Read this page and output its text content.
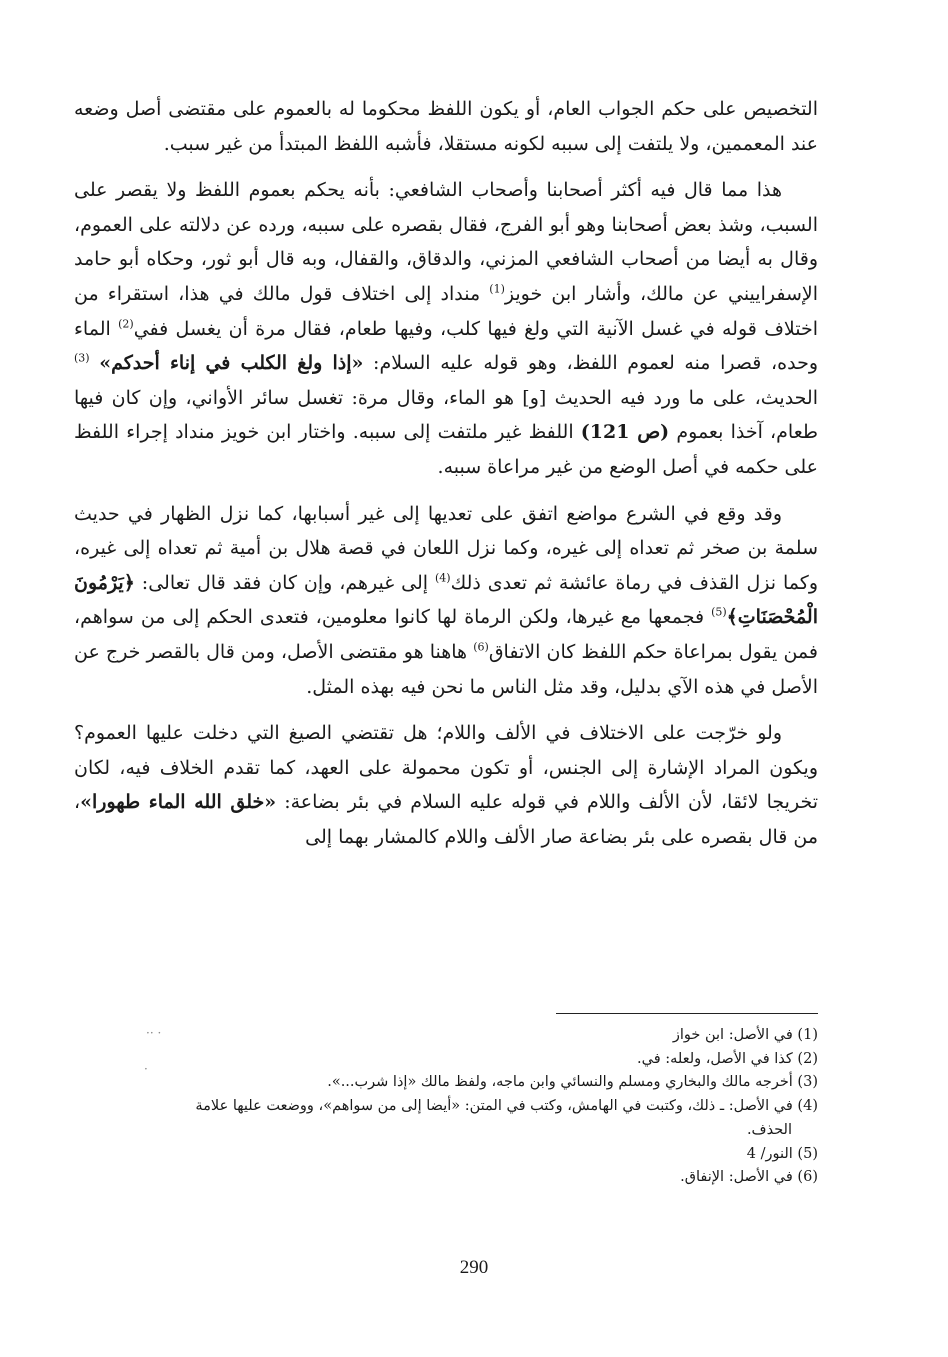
التخصيص على حكم الجواب العام، أو يكون اللفظ محكوما له بالعموم على مقتضى أصل وضعه عند المعممين، ولا يلتفت إلى سببه لكونه مستقلا، فأشبه اللفظ المبتدأ من غير سبب.

هذا مما قال فيه أكثر أصحابنا وأصحاب الشافعي: بأنه يحكم بعموم اللفظ ولا يقصر على السبب، وشذ بعض أصحابنا وهو أبو الفرج، فقال بقصره على سببه، ورده عن دلالته على العموم، وقال به أيضا من أصحاب الشافعي المزني، والدقاق، والقفال، وبه قال أبو ثور، وحكاه أبو حامد الإسفراييني عن مالك، وأشار ابن خويز$^{(1)}$ منداد إلى اختلاف قول مالك في هذا، استقراء من اختلاف قوله في غسل الآنية التي ولغ فيها كلب، وفيها طعام، فقال مرة أن يغسل ففي$^{(2)}$ الماء وحده، قصرا منه لعموم اللفظ، وهو قوله عليه السلام: «إذا ولغ الكلب في إناء أحدكم» $^{(3)}$ الحديث، على ما ورد فيه الحديث [و] هو الماء، وقال مرة: تغسل سائر الأواني، وإن كان فيها طعام، آخذا بعموم (ص 121) اللفظ غير ملتفت إلى سببه. واختار ابن خويز منداد إجراء اللفظ على حكمه في أصل الوضع من غير مراعاة سببه.

وقد وقع في الشرع مواضع اتفق على تعديها إلى غير أسبابها، كما نزل الظهار في حديث سلمة بن صخر ثم تعداه إلى غيره، وكما نزل اللعان في قصة هلال بن أمية ثم تعداه إلى غيره، وكما نزل القذف في رماة عائشة ثم تعدى ذلك$^{(4)}$ إلى غيرهم، وإن كان فقد قال تعالى: ﴿يَرْمُونَ الْمُحْصَنَاتِ﴾$^{(5)}$ فجمعها مع غيرها، ولكن الرماة لها كانوا معلومين، فتعدى الحكم إلى من سواهم، فمن يقول بمراعاة حكم اللفظ كان الاتفاق$^{(6)}$ هاهنا هو مقتضى الأصل، ومن قال بالقصر خرج عن الأصل في هذه الآي بدليل، وقد مثل الناس ما نحن فيه بهذه المثل.

ولو خرّجت على الاختلاف في الألف واللام؛ هل تقتضي الصيغ التي دخلت عليها العموم؟ ويكون المراد الإشارة إلى الجنس، أو تكون محمولة على العهد، كما تقدم الخلاف فيه، لكان تخريجا لائقا، لأن الألف واللام في قوله عليه السلام في بئر بضاعة: «خلق الله الماء طهورا»، من قال بقصره على بئر بضاعة صار الألف واللام كالمشار بهما إلى

·· ·
·

(1) في الأصل: ابن خواز

(2) كذا في الأصل، ولعله: في.

(3) أخرجه مالك والبخاري ومسلم والنسائي وابن ماجه، ولفظ مالك «إذا شرب...».

(4) في الأصل: ـ ذلك، وكتبت في الهامش، وكتب في المتن: «أيضا إلى من سواهم»، ووضعت عليها علامة

الحذف.

(5) النور/ 4

(6) في الأصل: الإنفاق.

290
